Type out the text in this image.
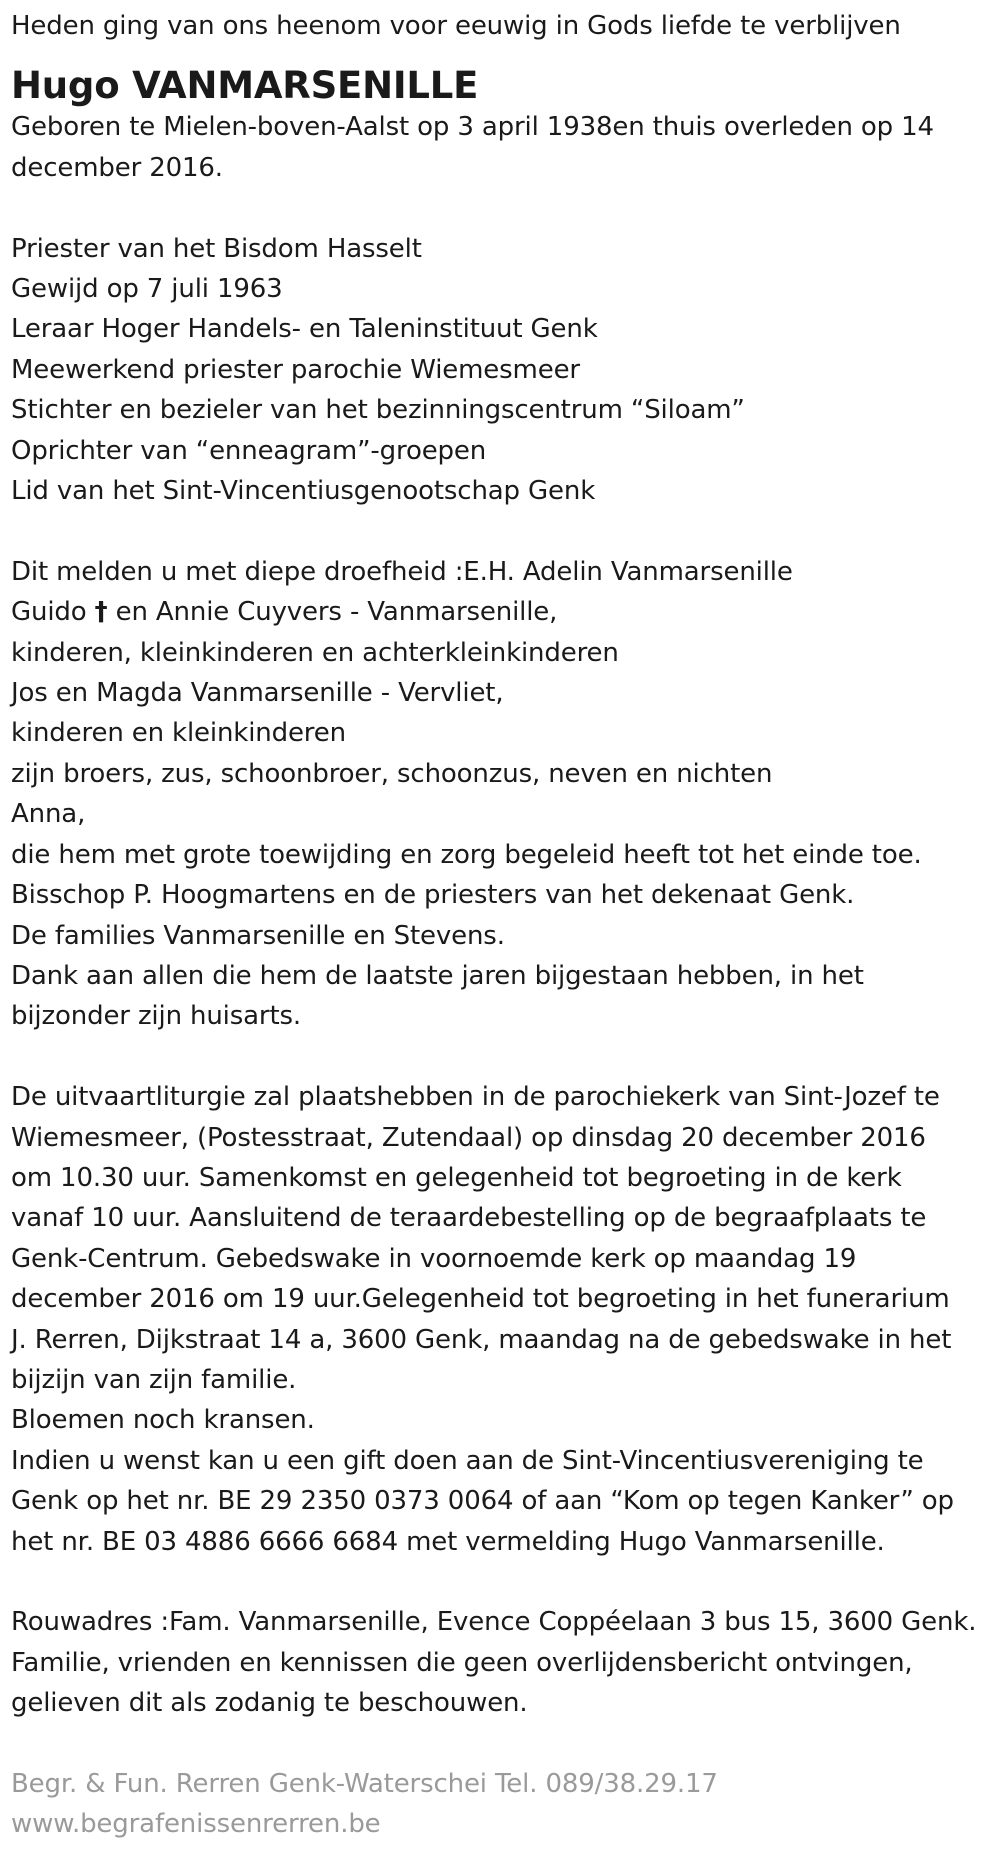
Heden ging van ons heenom voor eeuwig in Gods liefde te verblijven
Hugo VANMARSENILLE
Geboren te Mielen-boven-Aalst op 3 april 1938en thuis overleden op 14
december 2016.
Priester van het Bisdom Hasselt
Gewijd op 7 juli 1963
Leraar Hoger Handels- en Taleninstituut Genk
Meewerkend priester parochie Wiemesmeer
Stichter en bezieler van het bezinningscentrum “Siloam”
Oprichter van “enneagram”-groepen
Lid van het Sint-Vincentiusgenootschap Genk
Dit melden u met diepe droefheid :E.H. Adelin Vanmarsenille
Guido † en Annie Cuyvers - Vanmarsenille,
kinderen, kleinkinderen en achterkleinkinderen
Jos en Magda Vanmarsenille - Vervliet,
kinderen en kleinkinderen
zijn broers, zus, schoonbroer, schoonzus, neven en nichten
Anna,
die hem met grote toewijding en zorg begeleid heeft tot het einde toe.
Bisschop P. Hoogmartens en de priesters van het dekenaat Genk.
De families Vanmarsenille en Stevens.
Dank aan allen die hem de laatste jaren bijgestaan hebben, in het
bijzonder zijn huisarts.
De uitvaartliturgie zal plaatshebben in de parochiekerk van Sint-Jozef te
Wiemesmeer, (Postesstraat, Zutendaal) op dinsdag 20 december 2016
om 10.30 uur. Samenkomst en gelegenheid tot begroeting in de kerk
vanaf 10 uur. Aansluitend de teraardebestelling op de begraafplaats te
Genk-Centrum. Gebedswake in voornoemde kerk op maandag 19
december 2016 om 19 uur.Gelegenheid tot begroeting in het funerarium
J. Rerren, Dijkstraat 14 a, 3600 Genk, maandag na de gebedswake in het
bijzijn van zijn familie.
Bloemen noch kransen.
Indien u wenst kan u een gift doen aan de Sint-Vincentiusvereniging te
Genk op het nr. BE 29 2350 0373 0064 of aan “Kom op tegen Kanker” op
het nr. BE 03 4886 6666 6684 met vermelding Hugo Vanmarsenille.
Rouwadres :Fam. Vanmarsenille, Evence Coppéelaan 3 bus 15, 3600 Genk.
Familie, vrienden en kennissen die geen overlijdensbericht ontvingen,
gelieven dit als zodanig te beschouwen.
Begr. & Fun. Rerren Genk-Waterschei Tel. 089/38.29.17
www.begrafenissenrerren.be
